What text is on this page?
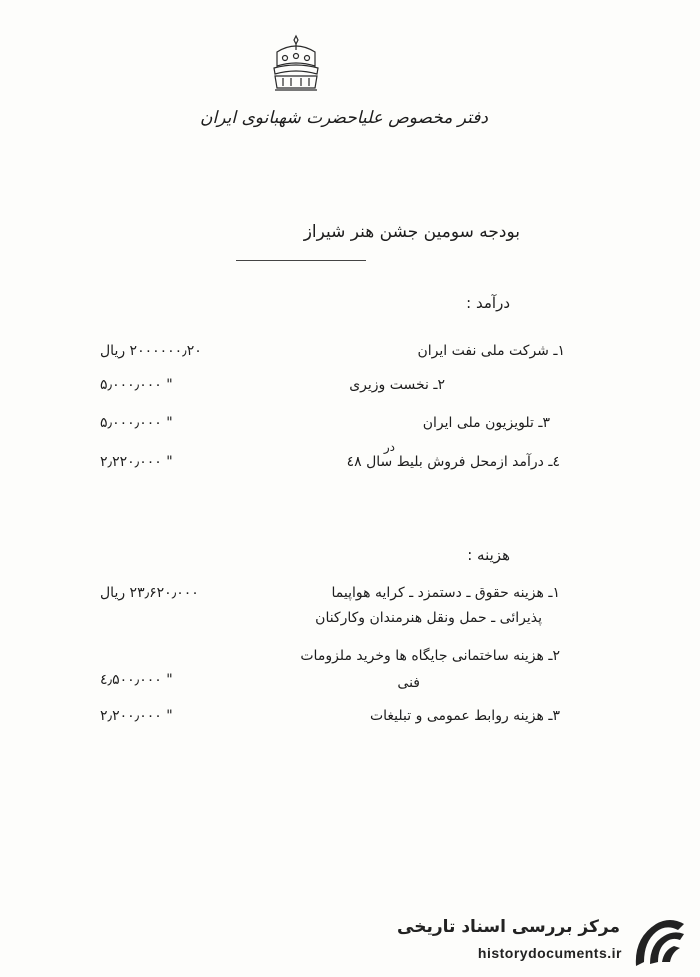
دفتر مخصوص علیاحضرت شهبانوی ایران
بودجه سومین جشن هنر شیراز
درآمد :
١ـ شرکت ملی نفت ایران
۲۰۰۰۰۰۰٫۲۰ ریال
۲ـ نخست وزیری
۵٫۰۰۰٫۰۰۰ "
۳ـ تلویزیون ملی ایران
۵٫۰۰۰٫۰۰۰ "
در
٤ـ درآمد ازمحل فروش بلیط سال ٤٨
۲٫۲۲۰٫۰۰۰ "
هزینه :
١ـ هزینه حقوق ـ دستمزد ـ کرایه هواپیما
پذیرائی ـ حمل ونقل هنرمندان وکارکنان
۲۳٫۶۲۰٫۰۰۰ ریال
۲ـ هزینه ساختمانی جایگاه ها وخرید ملزومات
فنی
٤٫۵۰۰٫۰۰۰ "
۳ـ هزینه روابط عمومی و تبلیغات
۲٫۲۰۰٫۰۰۰ "
مرکز بررسی اسناد تاریخی
historydocuments.ir
